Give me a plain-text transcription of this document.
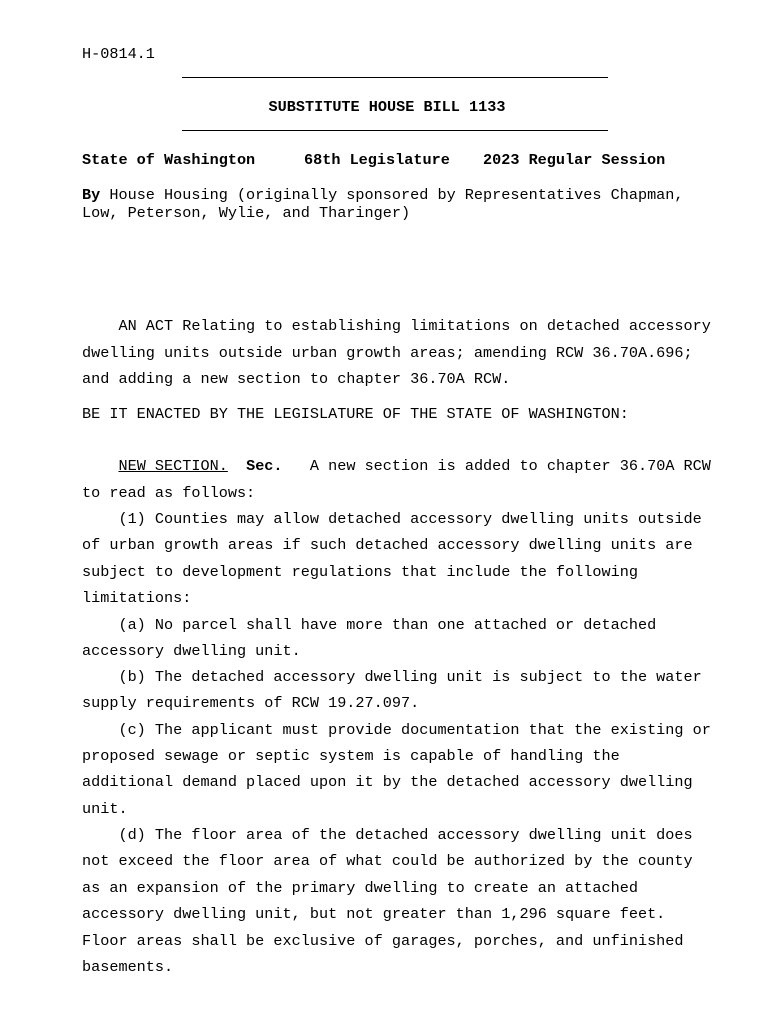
H-0814.1
SUBSTITUTE HOUSE BILL 1133
State of Washington	68th Legislature 2023 Regular Session
By House Housing (originally sponsored by Representatives Chapman,
Low, Peterson, Wylie, and Tharinger)
AN ACT Relating to establishing limitations on detached accessory
dwelling units outside urban growth areas; amending RCW 36.70A.696;
and adding a new section to chapter 36.70A RCW.
BE IT ENACTED BY THE LEGISLATURE OF THE STATE OF WASHINGTON:
NEW SECTION. Sec.   A new section is added to chapter 36.70A RCW
to read as follows:
(1) Counties may allow detached accessory dwelling units outside
of urban growth areas if such detached accessory dwelling units are
subject to development regulations that include the following
limitations:
(a) No parcel shall have more than one attached or detached
accessory dwelling unit.
(b) The detached accessory dwelling unit is subject to the water
supply requirements of RCW 19.27.097.
(c) The applicant must provide documentation that the existing or
proposed sewage or septic system is capable of handling the
additional demand placed upon it by the detached accessory dwelling
unit.
(d) The floor area of the detached accessory dwelling unit does
not exceed the floor area of what could be authorized by the county
as an expansion of the primary dwelling to create an attached
accessory dwelling unit, but not greater than 1,296 square feet.
Floor areas shall be exclusive of garages, porches, and unfinished
basements.
